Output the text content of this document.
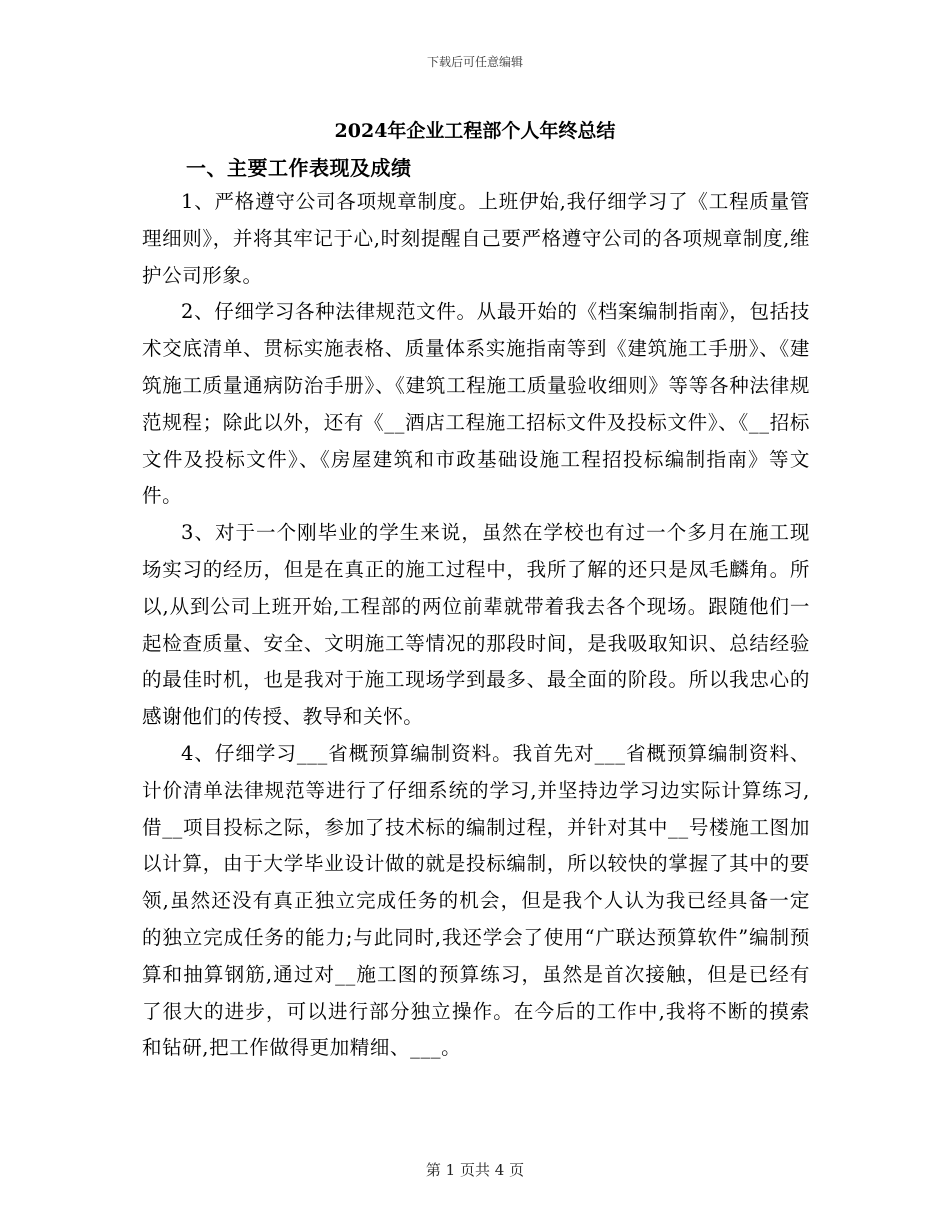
下载后可任意编辑
2024年企业工程部个人年终总结
一、主要工作表现及成绩

1、严格遵守公司各项规章制度。上班伊始,我仔细学习了《工程质量管理细则》，并将其牢记于心,时刻提醒自己要严格遵守公司的各项规章制度,维护公司形象。

2、仔细学习各种法律规范文件。从最开始的《档案编制指南》，包括技术交底清单、贯标实施表格、质量体系实施指南等到《建筑施工手册》、《建筑施工质量通病防治手册》、《建筑工程施工质量验收细则》等等各种法律规范规程；除此以外，还有《__酒店工程施工招标文件及投标文件》、《__招标文件及投标文件》、《房屋建筑和市政基础设施工程招投标编制指南》等文件。

3、对于一个刚毕业的学生来说，虽然在学校也有过一个多月在施工现场实习的经历，但是在真正的施工过程中，我所了解的还只是凤毛麟角。所以,从到公司上班开始,工程部的两位前辈就带着我去各个现场。跟随他们一起检查质量、安全、文明施工等情况的那段时间，是我吸取知识、总结经验的最佳时机，也是我对于施工现场学到最多、最全面的阶段。所以我忠心的感谢他们的传授、教导和关怀。

4、仔细学习___省概预算编制资料。我首先对___省概预算编制资料、计价清单法律规范等进行了仔细系统的学习,并坚持边学习边实际计算练习,借__项目投标之际，参加了技术标的编制过程，并针对其中__号楼施工图加以计算，由于大学毕业设计做的就是投标编制，所以较快的掌握了其中的要领,虽然还没有真正独立完成任务的机会，但是我个人认为我已经具备一定的独立完成任务的能力;与此同时,我还学会了使用“广联达预算软件”编制预算和抽算钢筋,通过对__施工图的预算练习，虽然是首次接触，但是已经有了很大的进步，可以进行部分独立操作。在今后的工作中,我将不断的摸索和钻研,把工作做得更加精细、___。

第 1 页共 4 页
